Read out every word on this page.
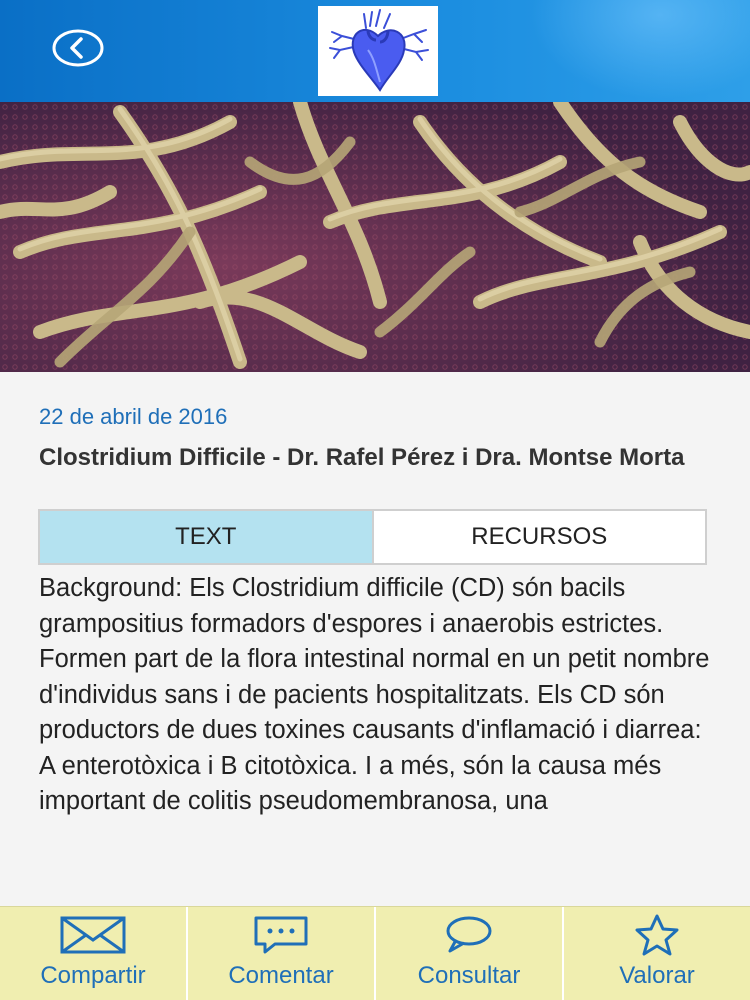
22 de abril de 2016
Clostridium Difficile - Dr. Rafel Pérez i Dra. Montse Morta
TEXT	RECURSOS
Background: Els Clostridium difficile (CD) són bacils grampositius formadors d'espores i anaerobis estrictes. Formen part de la flora intestinal normal en un petit nombre d'individus sans i de pacients hospitalitzats. Els CD són productors de dues toxines causants d'inflamació i diarrea: A enterotòxica i B citotòxica. I a més, són la causa més important de colitis pseudomembranosa, una
Compartir	Comentar	Consultar	Valorar
